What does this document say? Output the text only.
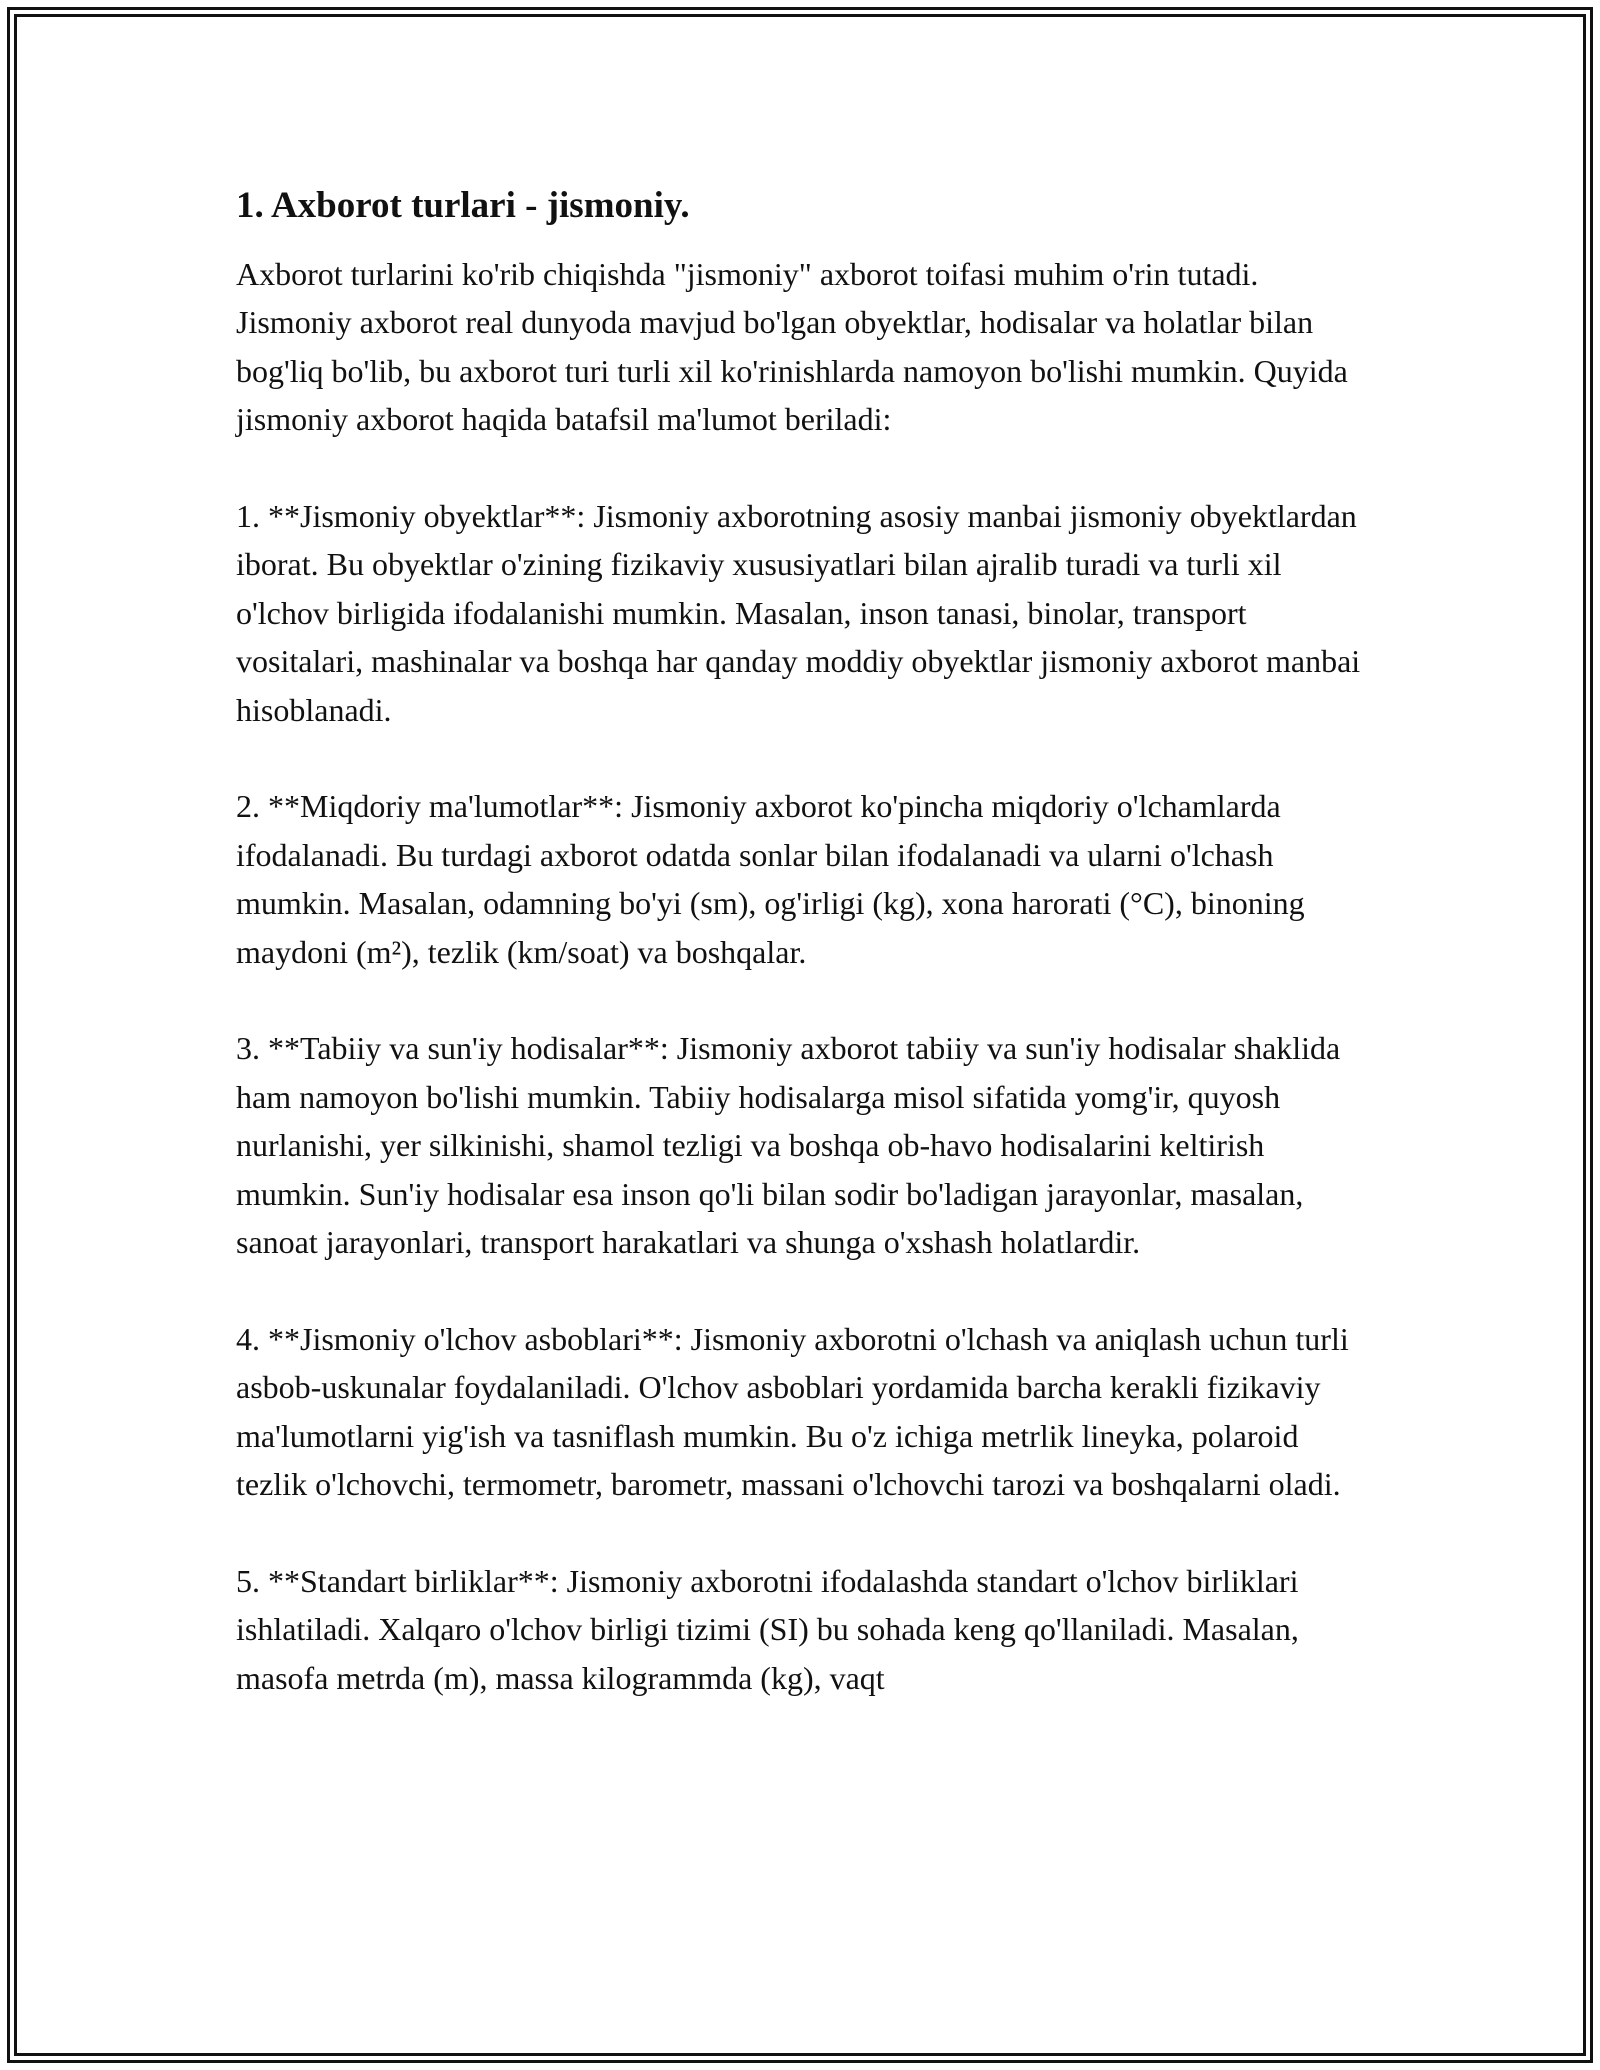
1. Axborot turlari - jismoniy.

Axborot turlarini ko'rib chiqishda "jismoniy" axborot toifasi muhim o'rin tutadi. Jismoniy axborot real dunyoda mavjud bo'lgan obyektlar, hodisalar va holatlar bilan bog'liq bo'lib, bu axborot turi turli xil ko'rinishlarda namoyon bo'lishi mumkin. Quyida jismoniy axborot haqida batafsil ma'lumot beriladi:

1. **Jismoniy obyektlar**: Jismoniy axborotning asosiy manbai jismoniy obyektlardan iborat. Bu obyektlar o'zining fizikaviy xususiyatlari bilan ajralib turadi va turli xil o'lchov birligida ifodalanishi mumkin. Masalan, inson tanasi, binolar, transport vositalari, mashinalar va boshqa har qanday moddiy obyektlar jismoniy axborot manbai hisoblanadi.

2. **Miqdoriy ma'lumotlar**: Jismoniy axborot ko'pincha miqdoriy o'lchamlarda ifodalanadi. Bu turdagi axborot odatda sonlar bilan ifodalanadi va ularni o'lchash mumkin. Masalan, odamning bo'yi (sm), og'irligi (kg), xona harorati (°C), binoning maydoni (m²), tezlik (km/soat) va boshqalar.

3. **Tabiiy va sun'iy hodisalar**: Jismoniy axborot tabiiy va sun'iy hodisalar shaklida ham namoyon bo'lishi mumkin. Tabiiy hodisalarga misol sifatida yomg'ir, quyosh nurlanishi, yer silkinishi, shamol tezligi va boshqa ob-havo hodisalarini keltirish mumkin. Sun'iy hodisalar esa inson qo'li bilan sodir bo'ladigan jarayonlar, masalan, sanoat jarayonlari, transport harakatlari va shunga o'xshash holatlardir.

4. **Jismoniy o'lchov asboblari**: Jismoniy axborotni o'lchash va aniqlash uchun turli asbob-uskunalar foydalaniladi. O'lchov asboblari yordamida barcha kerakli fizikaviy ma'lumotlarni yig'ish va tasniflash mumkin. Bu o'z ichiga metrlik lineyka, polaroid tezlik o'lchovchi, termometr, barometr, massani o'lchovchi tarozi va boshqalarni oladi.

5. **Standart birliklar**: Jismoniy axborotni ifodalashda standart o'lchov birliklari ishlatiladi. Xalqaro o'lchov birligi tizimi (SI) bu sohada keng qo'llaniladi. Masalan, masofa metrda (m), massa kilogrammda (kg), vaqt
